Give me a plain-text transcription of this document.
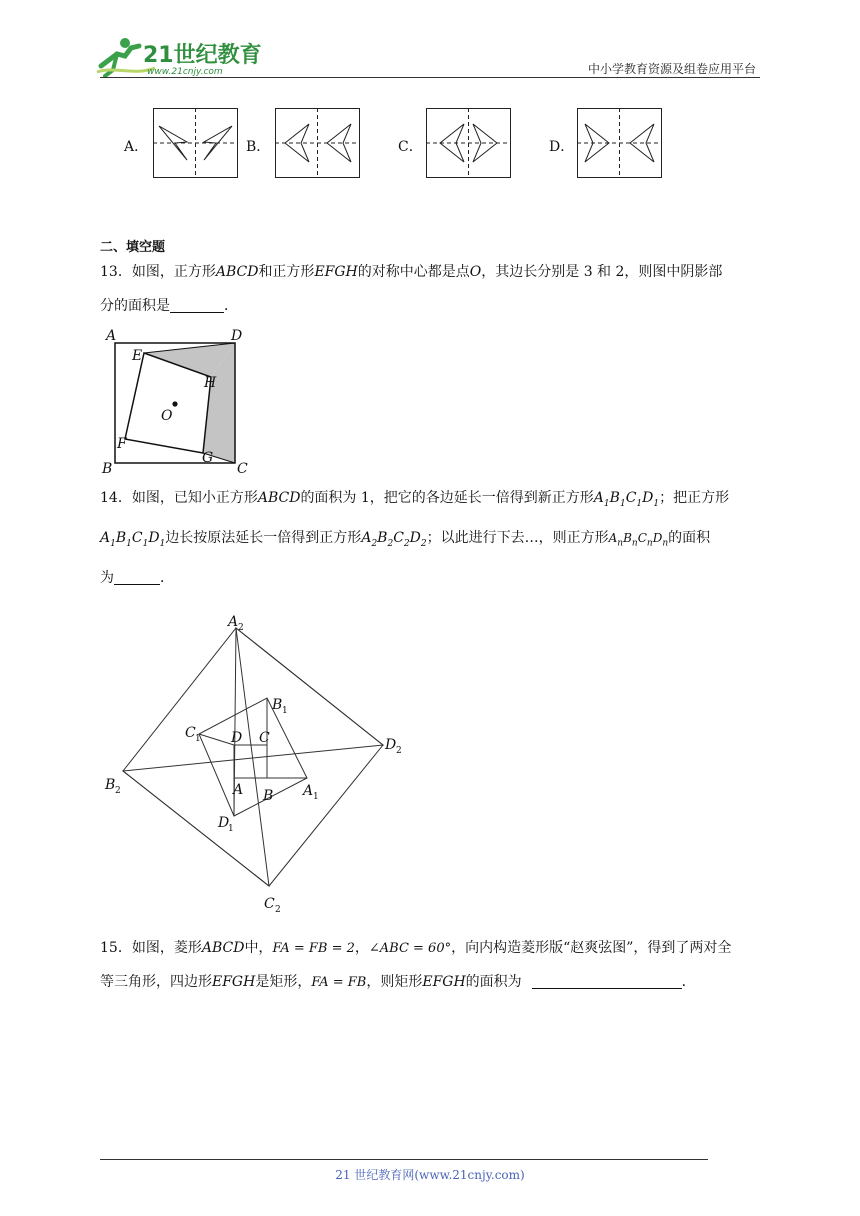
21世纪教育
www.21cnjy.com	中小学教育资源及组卷应用平台
A．	B．	C．	D．
二、填空题
13．如图，正方形ABCD和正方形EFGH的对称中心都是点O，其边长分别是 3 和 2，则图中阴影部
分的面积是	．
A	D
E
H
O
F
G
B	C
14．如图，已知小正方形ABCD的面积为 1，把它的各边延长一倍得到新正方形$A_1B_1C_1D_1$；把正方形
$A_1B_1C_1D_1$边长按原法延长一倍得到正方形$A_2B_2C_2D_2$；以此进行下去…，则正方形$A_nB_nC_nD_n$的面积
为	．
A 2
D 2
B 2
C 2
B 1
C 1
A 1
D
1
D C
A B
15．如图，菱形ABCD中，FA = FB = 2，∠ABC = 60°，向内构造菱形版“赵爽弦图”，得到了两对全
等三角形，四边形EFGH是矩形，FA = FB，则矩形EFGH的面积为	．
21 世纪教育网(www.21cnjy.com)
